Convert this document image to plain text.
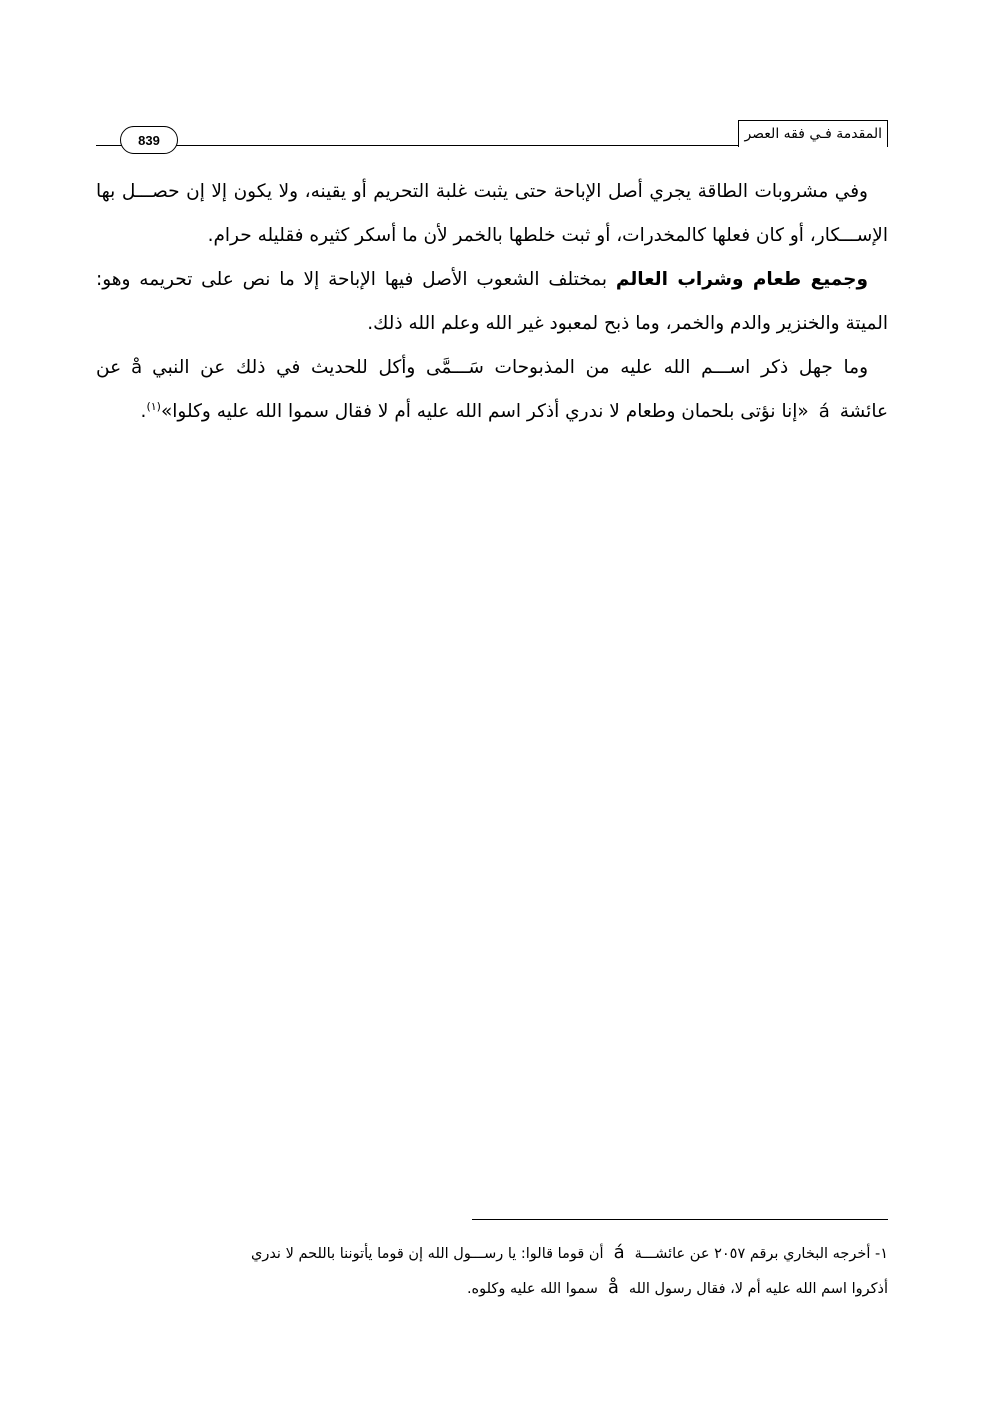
839	المقدمة فـي فقه العصر

وفي مشروبات الطاقة يجري أصل الإباحة حتى يثبت غلبة التحريم أو يقينه، ولا يكون إلا إن حصـــل بها الإســـكار، أو كان فعلها كالمخدرات، أو ثبت خلطها بالخمر لأن ما أسكر كثيره فقليله حرام.

وجميع طعام وشراب العالم بمختلف الشعوب الأصل فيها الإباحة إلا ما نص على تحريمه وهو: الميتة والخنزير والدم والخمر، وما ذبح لمعبود غير الله وعلم الله ذلك.

وما جهل ذكر اســـم الله عليه من المذبوحات سَـــمَّى وأكل للحديث في ذلك عن النبيåعن عائشةá«إنا نؤتى بلحمان وطعام لا ندري أذكر اسم الله عليه أم لا فقال سموا الله عليه وكلوا»$^{(١)}$.

١- أخرجه البخاري برقم ٢٠٥٧ عن عائشـــةáأن قوما قالوا: يا رســـول الله إن قوما يأتوننا باللحم لا ندري

أذكروا اسم الله عليه أم لا، فقال رسول اللهåسموا الله عليه وكلوه.
